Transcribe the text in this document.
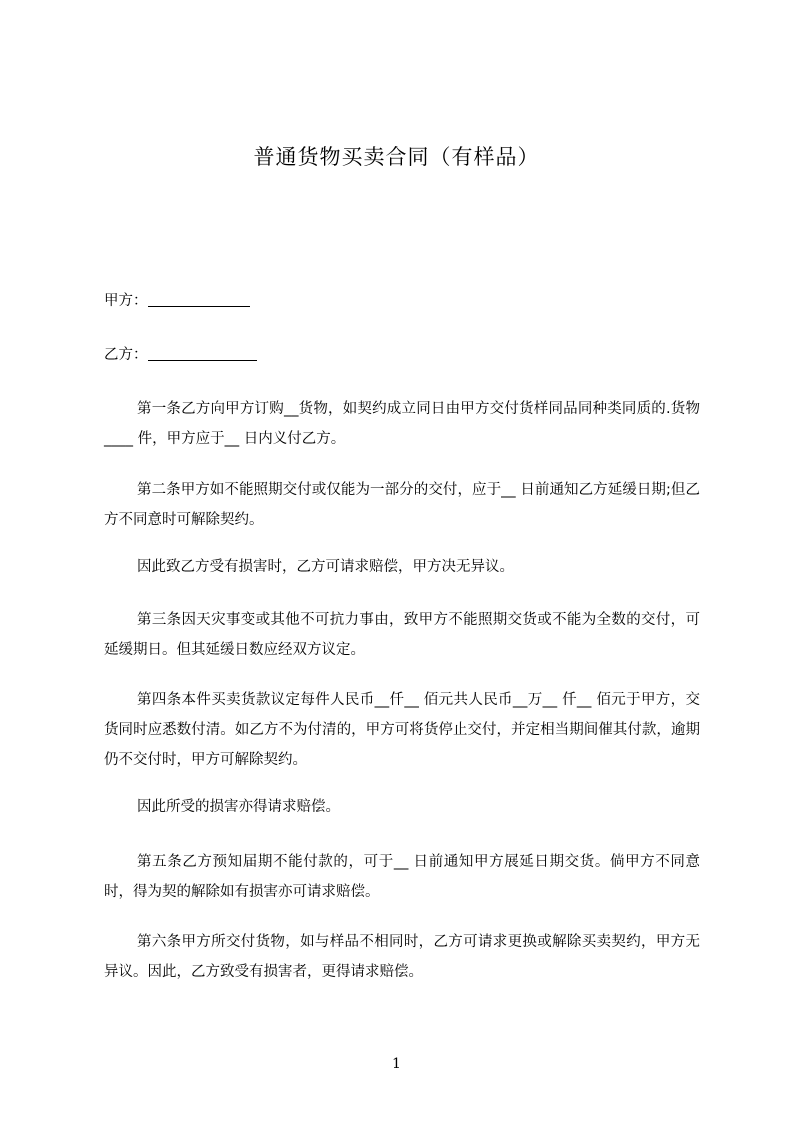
普通货物买卖合同（有样品）
甲方：
乙方：

第一条乙方向甲方订购__货物，如契约成立同日由甲方交付货样同品同种类同质的.货物____ 件，甲方应于__ 日内义付乙方。

第二条甲方如不能照期交付或仅能为一部分的交付，应于__ 日前通知乙方延缓日期;但乙方不同意时可解除契约。

因此致乙方受有损害时，乙方可请求赔偿，甲方决无异议。

第三条因天灾事变或其他不可抗力事由，致甲方不能照期交货或不能为全数的交付，可延缓期日。但其延缓日数应经双方议定。

第四条本件买卖货款议定每件人民币__仟__ 佰元共人民币__万__ 仟__ 佰元于甲方，交货同时应悉数付清。如乙方不为付清的，甲方可将货停止交付，并定相当期间催其付款，逾期仍不交付时，甲方可解除契约。

因此所受的损害亦得请求赔偿。

第五条乙方预知届期不能付款的，可于__ 日前通知甲方展延日期交货。倘甲方不同意时，得为契的解除如有损害亦可请求赔偿。

第六条甲方所交付货物，如与样品不相同时，乙方可请求更换或解除买卖契约，甲方无异议。因此，乙方致受有损害者，更得请求赔偿。

1
